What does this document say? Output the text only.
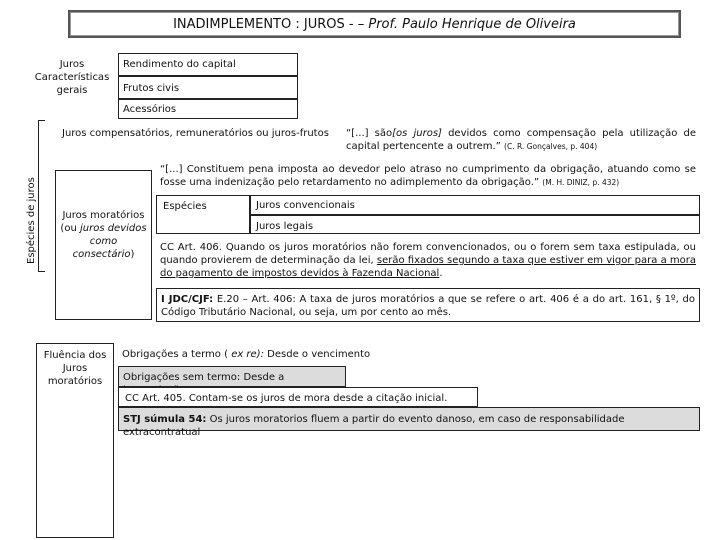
INADIMPLEMENTO : JUROS - – Prof. Paulo Henrique de Oliveira
Juros Características gerais
Rendimento do capital
Frutos civis
Acessórios
Espécies de juros
Juros compensatórios, remuneratórios ou juros-frutos	“[...] são[os juros] devidos como compensação pela utilização de capital pertencente a outrem.” (C. R. Gonçalves, p. 404)
Juros moratórios
(ou juros devidos como consectário)
“[...] Constituem pena imposta ao devedor pelo atraso no cumprimento da obrigação, atuando como se fosse uma indenização pelo retardamento no adimplemento da obrigação.” (M. H. DINIZ, p. 432)
Espécies	Juros convencionais
Juros legais
CC Art. 406. Quando os juros moratórios não forem convencionados, ou o forem sem taxa estipulada, ou quando provierem de determinação da lei, serão fixados segundo a taxa que estiver em vigor para a mora do pagamento de impostos devidos à Fazenda Nacional.
I JDC/CJF: E.20 – Art. 406: A taxa de juros moratórios a que se refere o art. 406 é a do art. 161, § 1º, do Código Tributário Nacional, ou seja, um por cento ao mês.
Fluência dos Juros moratórios
Obrigações a termo ( ex re): Desde o vencimento
Obrigações sem termo: Desde a
CC Art. 405. Contam-se os juros de mora desde a citação inicial.
STJ súmula 54: Os juros moratorios fluem a partir do evento danoso, em caso de responsabilidade extracontratual
